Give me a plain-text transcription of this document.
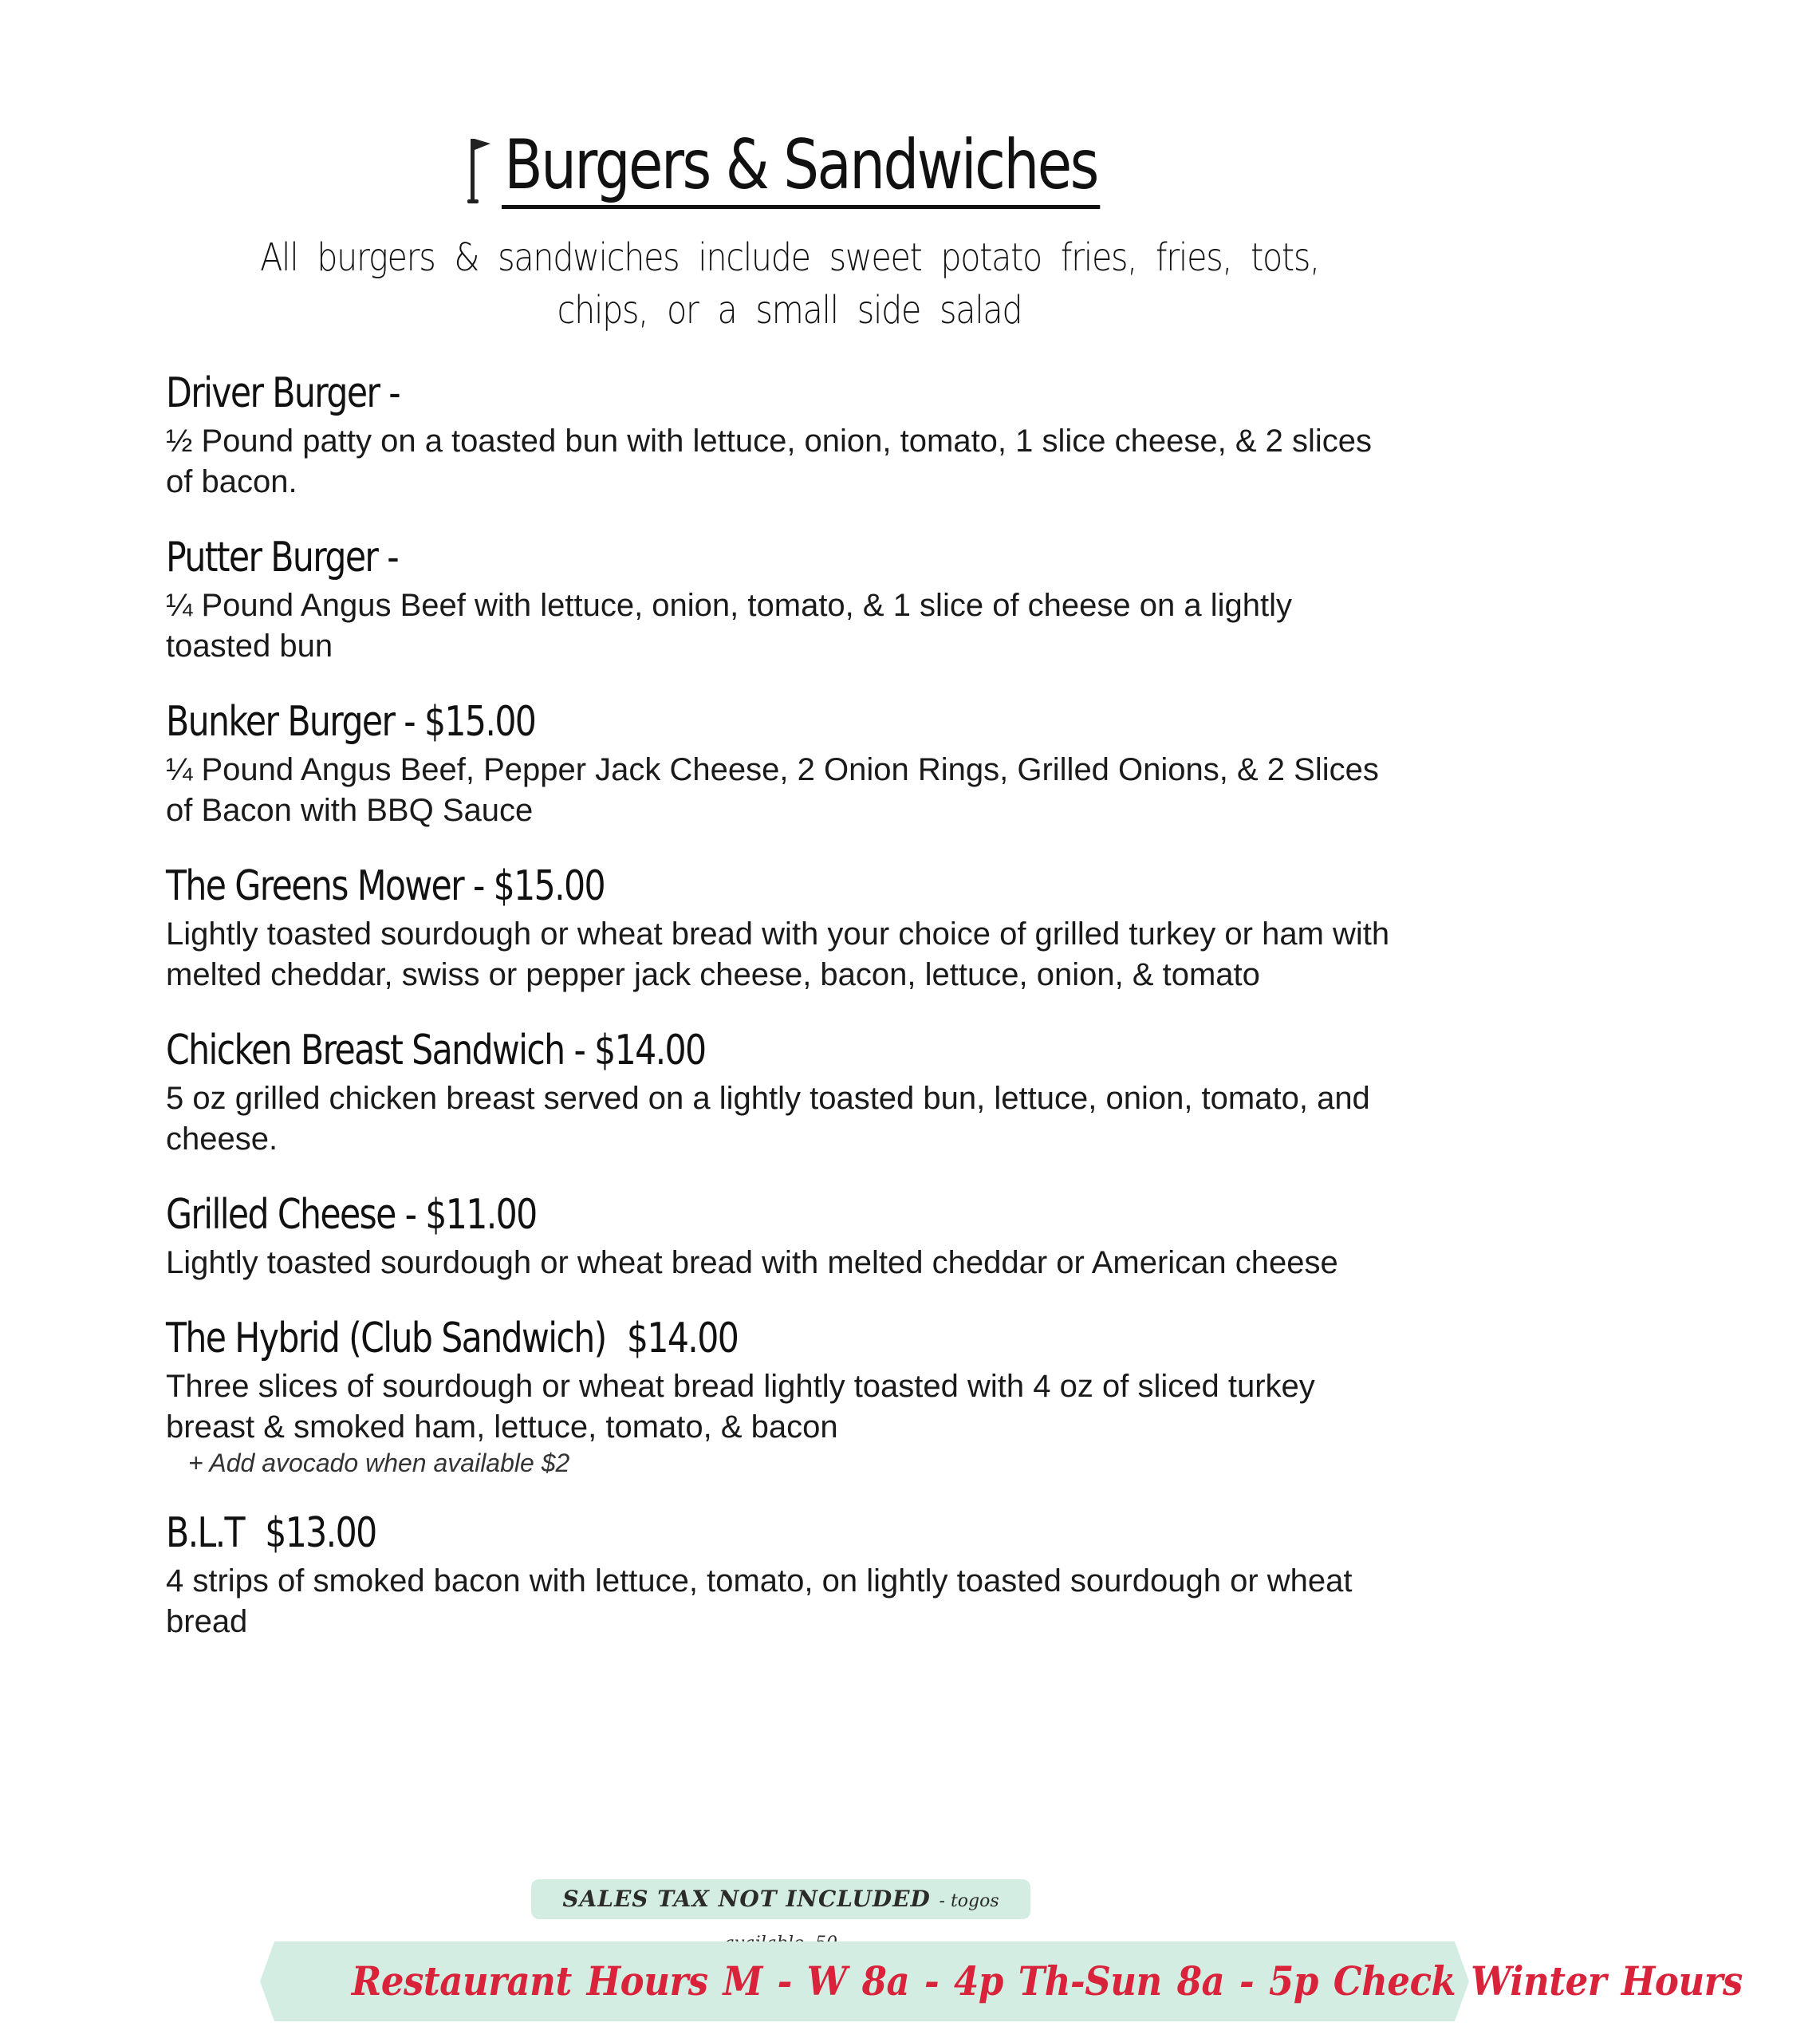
Burgers & Sandwiches
All burgers & sandwiches include sweet potato fries, fries, tots, chips, or a small side salad
Driver Burger -
½ Pound patty on a toasted bun with lettuce, onion, tomato, 1 slice cheese, & 2 slices of bacon.
Putter Burger -
¼ Pound Angus Beef with lettuce, onion, tomato, & 1 slice of cheese on a lightly toasted bun
Bunker Burger - $15.00
¼ Pound Angus Beef, Pepper Jack Cheese, 2 Onion Rings, Grilled Onions, & 2 Slices of Bacon with BBQ Sauce
The Greens Mower - $15.00
Lightly toasted sourdough or wheat bread with your choice of grilled turkey or ham with melted cheddar, swiss or pepper jack cheese, bacon, lettuce, onion, & tomato
Chicken Breast Sandwich - $14.00
5 oz grilled chicken breast served on a lightly toasted bun, lettuce, onion, tomato, and cheese.
Grilled Cheese - $11.00
Lightly toasted sourdough or wheat bread with melted cheddar or American cheese
The Hybrid (Club Sandwich) $14.00
Three slices of sourdough or wheat bread lightly toasted with 4 oz of sliced turkey breast & smoked ham, lettuce, tomato, & bacon
+ Add avocado when available $2
B.L.T $13.00
4 strips of smoked bacon with lettuce, tomato, on lightly toasted sourdough or wheat bread
SALES TAX NOT INCLUDED - togos
Restaurant Hours M - W 8a - 4p Th-Sun 8a - 5p Check Winter Hours
